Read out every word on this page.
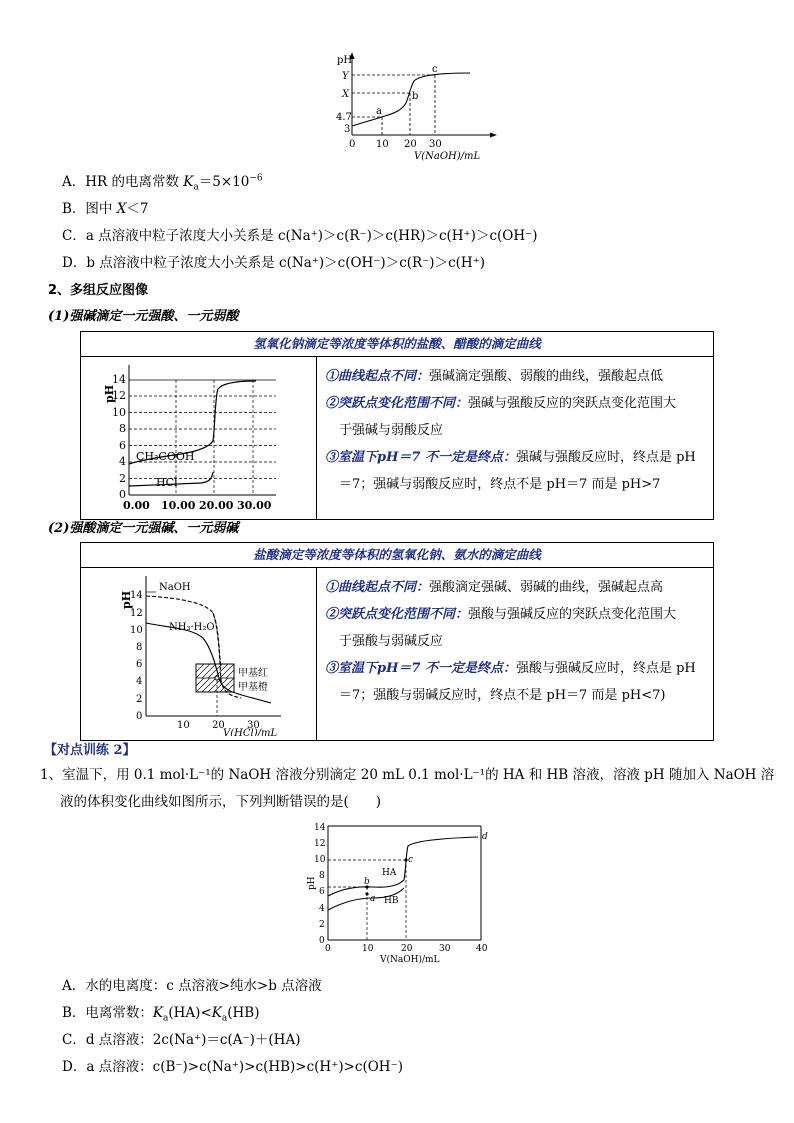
pH
Y
X
4.7
3
0 10 20 30
V(NaOH)/mL
a
b
c
A．HR 的电离常数 $K_a=5\times 10^{-6}$
B．图中 X＜7
C．a 点溶液中粒子浓度大小关系是 c(Na⁺)＞c(R⁻)＞c(HR)＞c(H⁺)＞c(OH⁻)
D．b 点溶液中粒子浓度大小关系是 c(Na⁺)＞c(OH⁻)＞c(R⁻)＞c(H⁺)
2、多组反应图像
(1)强碱滴定一元强酸、一元弱酸
氢氧化钠滴定等浓度等体积的盐酸、醋酸的滴定曲线

pH
CH₃COOH
HCl
0
2
4
6
8
10
12
14
0.00 10.00 20.00 30.00

①曲线起点不同：强碱滴定强酸、弱酸的曲线，强酸起点低

②突跃点变化范围不同：强碱与强酸反应的突跃点变化范围大

于强碱与弱酸反应

③室温下pH＝7 不一定是终点：强碱与强酸反应时，终点是 pH

＝7；强碱与弱酸反应时，终点不是 pH＝7 而是 pH>7

(2)强酸滴定一元强碱、一元弱碱
盐酸滴定等浓度等体积的氢氧化钠、氨水的滴定曲线

pH
NaOH
NH₃·H₂O
甲基红
甲基橙
0
2
4
6
8
10
12
14
10 20 30
V(HCl)/mL

①曲线起点不同：强酸滴定强碱、弱碱的曲线，强碱起点高

②突跃点变化范围不同：强酸与强碱反应的突跃点变化范围大

于强酸与弱碱反应

③室温下pH＝7 不一定是终点：强酸与强碱反应时，终点是 pH

＝7；强酸与弱碱反应时，终点不是 pH＝7 而是 pH<7)

【对点训练 2】
1、室温下，用 0.1 mol·L⁻¹的 NaOH 溶液分别滴定 20 mL 0.1 mol·L⁻¹的 HA 和 HB 溶液，溶液 pH 随加入 NaOH 溶
液的体积变化曲线如图所示，下列判断错误的是(　　)
pH	b
a
c
d
HA
HB
0
2
4
6
8
10
12
14
0	10	20	30	40
V(NaOH)/mL
A．水的电离度：c 点溶液>纯水>b 点溶液
B．电离常数：$K_a(HA)<K_a(HB)$
C．d 点溶液：2c(Na⁺)＝c(A⁻)＋(HA)
D．a 点溶液：c(B⁻)>c(Na⁺)>c(HB)>c(H⁺)>c(OH⁻)
